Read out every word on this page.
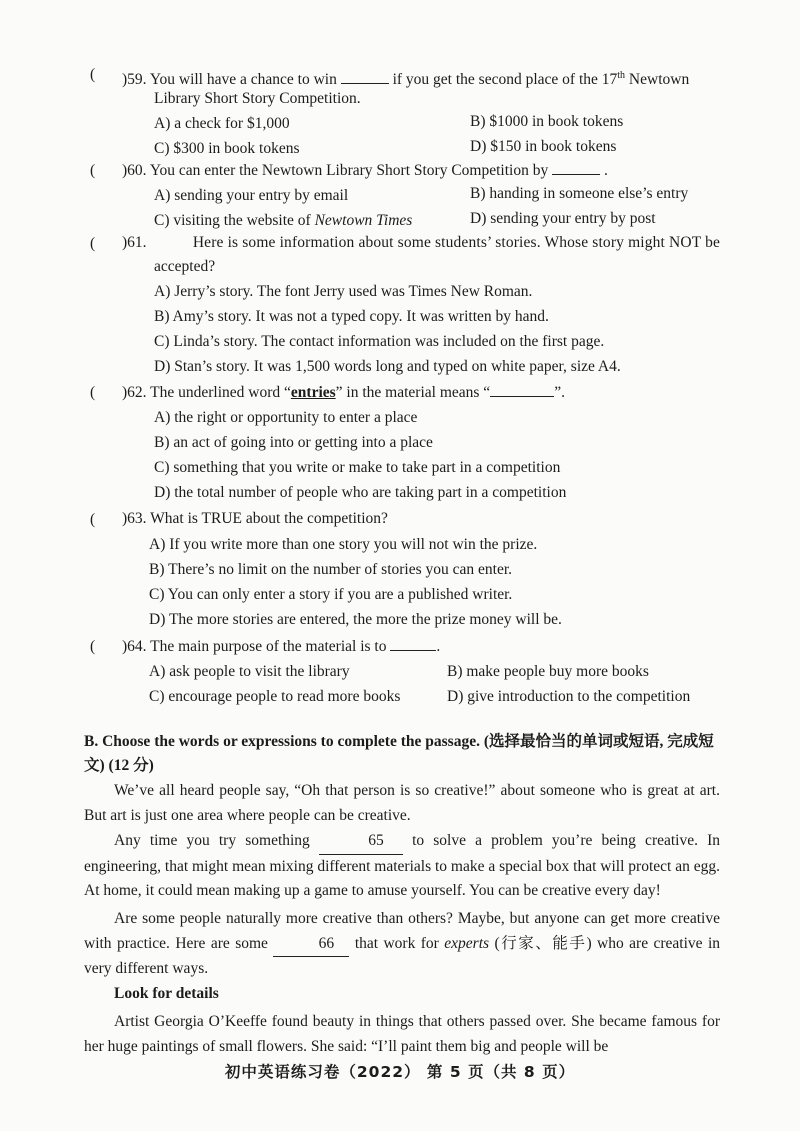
( )59. You will have a chance to win	if you get the second place of the 17th Newtown
Library Short Story Competition.
A) a check for $1,000	B) $1000 in book tokens
C) $300 in book tokens	D) $150 in book tokens
( )60. You can enter the Newtown Library Short Story Competition by	.
A) sending your entry by email	B) handing in someone else’s entry
C) visiting the website of Newtown Times	D) sending your entry by post
( )61.	Here is some information about some students’ stories. Whose story might NOT be
accepted?
A) Jerry’s story. The font Jerry used was Times New Roman.
B) Amy’s story. It was not a typed copy. It was written by hand.
C) Linda’s story. The contact information was included on the first page.
D) Stan’s story. It was 1,500 words long and typed on white paper, size A4.
( )62. The underlined word “entries” in the material means “	”.
A) the right or opportunity to enter a place
B) an act of going into or getting into a place
C) something that you write or make to take part in a competition
D) the total number of people who are taking part in a competition
( )63. What is TRUE about the competition?
A) If you write more than one story you will not win the prize.
B) There’s no limit on the number of stories you can enter.
C) You can only enter a story if you are a published writer.
D) The more stories are entered, the more the prize money will be.
( )64. The main purpose of the material is to	.
A) ask people to visit the library	B) make people buy more books
C) encourage people to read more books	D) give introduction to the competition
B. Choose the words or expressions to complete the passage. (选择最恰当的单词或短语, 完成短文) (12 分)
We’ve all heard people say, “Oh that person is so creative!” about someone who is great at art. But art is just one area where people can be creative.
Any time you try something	65 to solve a problem you’re being creative. In engineering, that might mean mixing different materials to make a special box that will protect an egg. At home, it could mean making up a game to amuse yourself. You can be creative every day!
Are some people naturally more creative than others? Maybe, but anyone can get more creative with practice. Here are some	66 that work for experts (行家、能手) who are creative in very different ways.
Look for details
Artist Georgia O’Keeffe found beauty in things that others passed over. She became famous for her huge paintings of small flowers. She said: “I’ll paint them big and people will be
初中英语练习卷（2022） 第 5 页（共 8 页）
